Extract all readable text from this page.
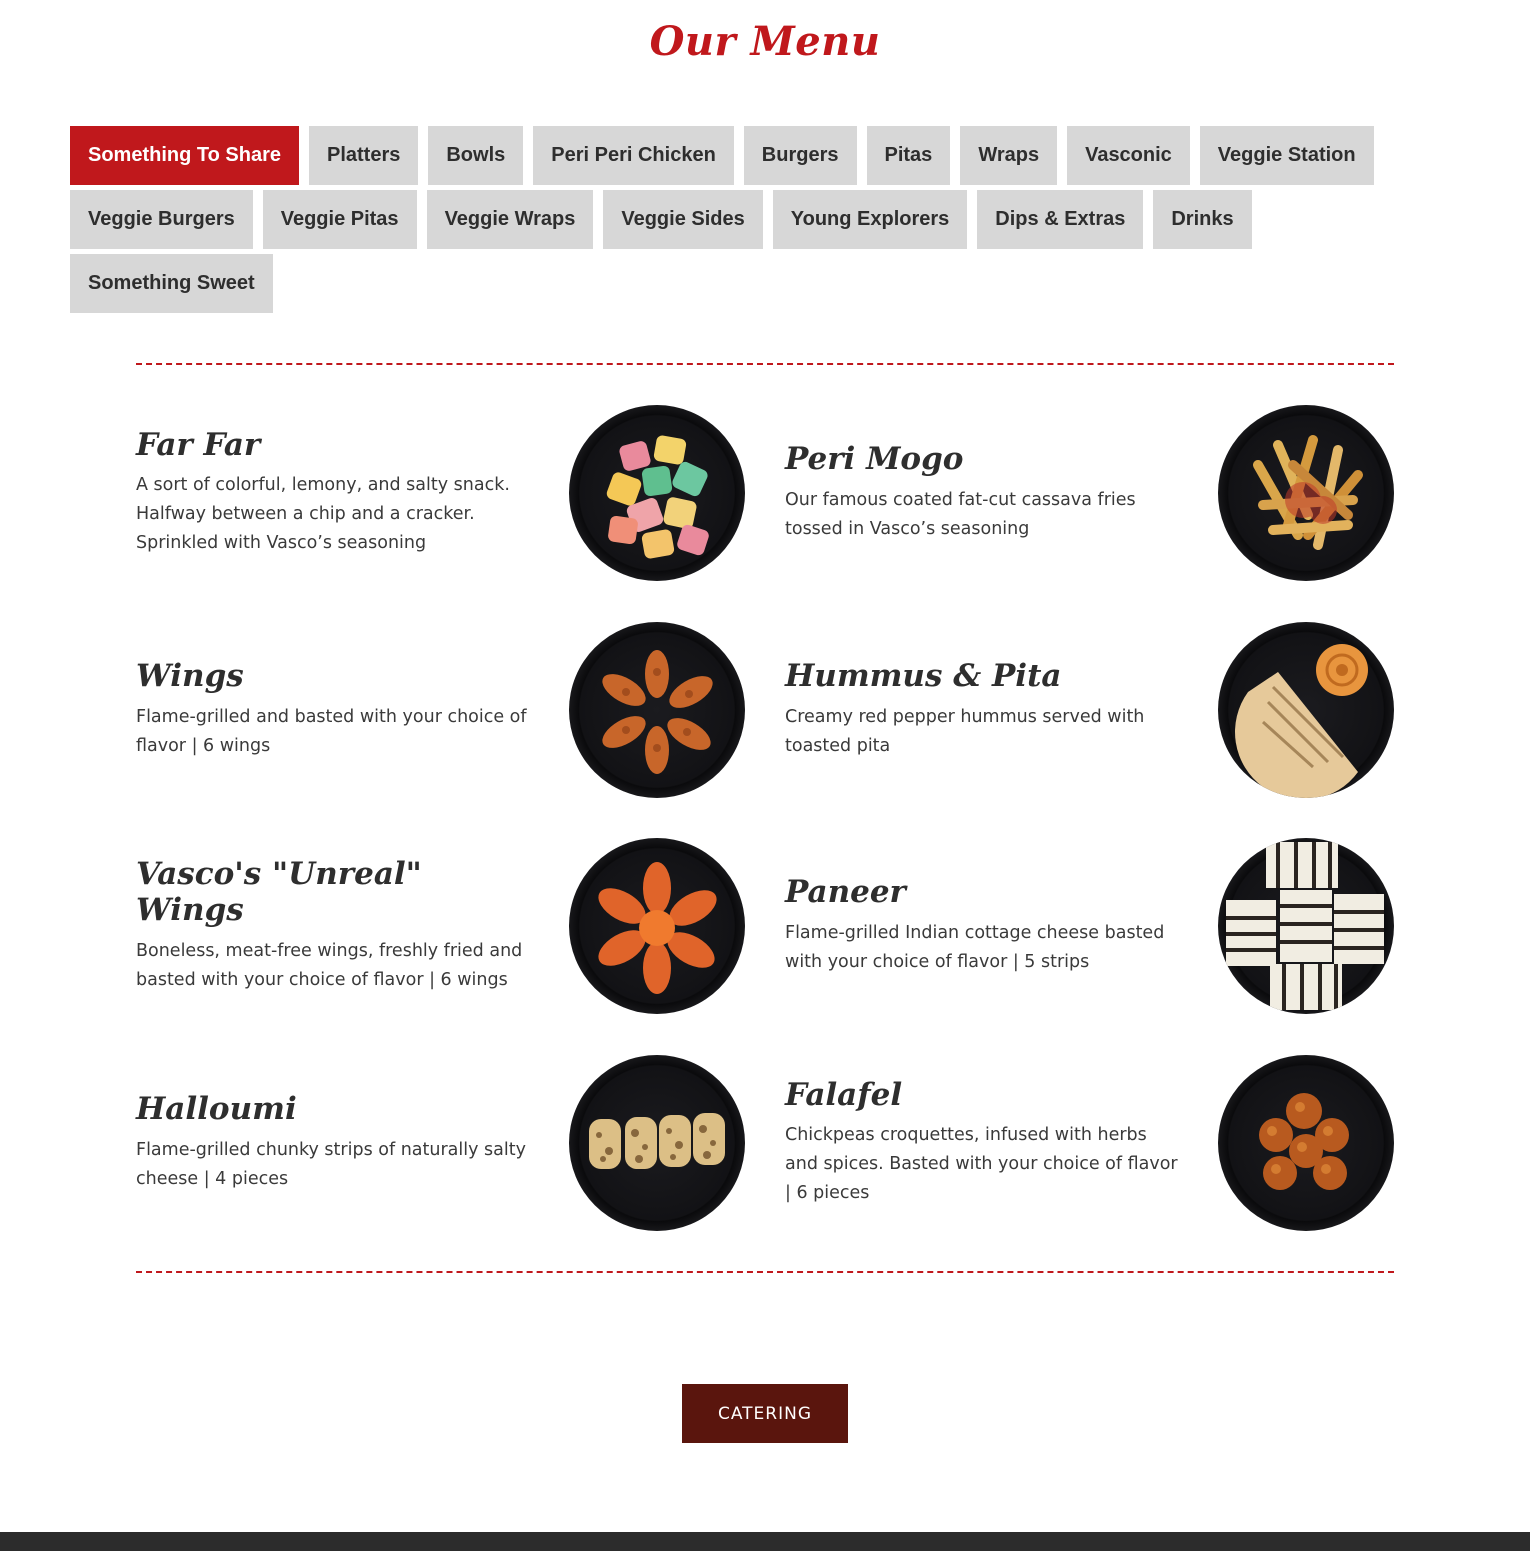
Our Menu
Something To Share	Platters	Bowls	Peri Peri Chicken	Burgers	Pitas	Wraps	Vasconic	Veggie Station
Veggie Burgers	Veggie Pitas	Veggie Wraps	Veggie Sides	Young Explorers	Dips & Extras	Drinks
Something Sweet
Far Far

A sort of colorful, lemony, and salty snack. Halfway between a chip and a cracker. Sprinkled with Vasco’s seasoning

Peri Mogo

Our famous coated fat-cut cassava fries tossed in Vasco’s seasoning

Wings

Flame-grilled and basted with your choice of flavor | 6 wings

Hummus & Pita

Creamy red pepper hummus served with toasted pita

Vasco's "Unreal" Wings

Boneless, meat-free wings, freshly fried and basted with your choice of flavor | 6 wings

Paneer

Flame-grilled Indian cottage cheese basted with your choice of flavor | 5 strips

Halloumi

Flame-grilled chunky strips of naturally salty cheese | 4 pieces

Falafel

Chickpeas croquettes, infused with herbs and spices. Basted with your choice of flavor | 6 pieces

CATERING
